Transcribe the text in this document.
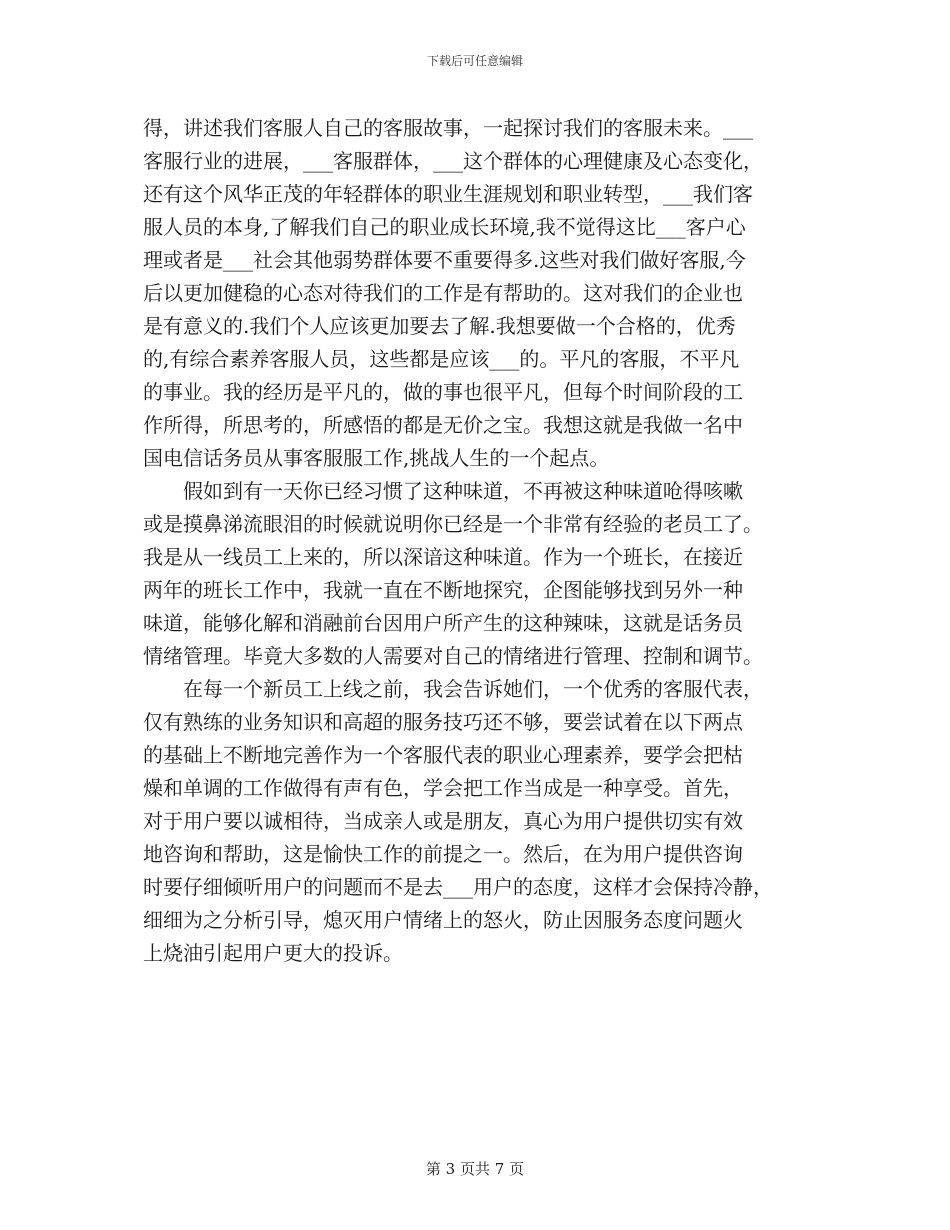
下载后可任意编辑
得，讲述我们客服人自己的客服故事，一起探讨我们的客服未来。___
客服行业的进展，___客服群体，___这个群体的心理健康及心态变化，
还有这个风华正茂的年轻群体的职业生涯规划和职业转型，___我们客
服人员的本身,了解我们自己的职业成长环境,我不觉得这比___客户心
理或者是___社会其他弱势群体要不重要得多.这些对我们做好客服,今
后以更加健稳的心态对待我们的工作是有帮助的。这对我们的企业也
是有意义的.我们个人应该更加要去了解.我想要做一个合格的，优秀
的,有综合素养客服人员，这些都是应该___的。平凡的客服，不平凡
的事业。我的经历是平凡的，做的事也很平凡，但每个时间阶段的工
作所得，所思考的，所感悟的都是无价之宝。我想这就是我做一名中
国电信话务员从事客服服工作,挑战人生的一个起点。
假如到有一天你已经习惯了这种味道，不再被这种味道呛得咳嗽
或是摸鼻涕流眼泪的时候就说明你已经是一个非常有经验的老员工了。
我是从一线员工上来的，所以深谙这种味道。作为一个班长，在接近
两年的班长工作中，我就一直在不断地探究，企图能够找到另外一种
味道，能够化解和消融前台因用户所产生的这种辣味，这就是话务员
情绪管理。毕竟大多数的人需要对自己的情绪进行管理、控制和调节。
在每一个新员工上线之前，我会告诉她们，一个优秀的客服代表，
仅有熟练的业务知识和高超的服务技巧还不够，要尝试着在以下两点
的基础上不断地完善作为一个客服代表的职业心理素养，要学会把枯
燥和单调的工作做得有声有色，学会把工作当成是一种享受。首先，
对于用户要以诚相待，当成亲人或是朋友，真心为用户提供切实有效
地咨询和帮助，这是愉快工作的前提之一。然后，在为用户提供咨询
时要仔细倾听用户的问题而不是去___用户的态度，这样才会保持冷静，
细细为之分析引导，熄灭用户情绪上的怒火，防止因服务态度问题火
上烧油引起用户更大的投诉。
第 3 页共 7 页
